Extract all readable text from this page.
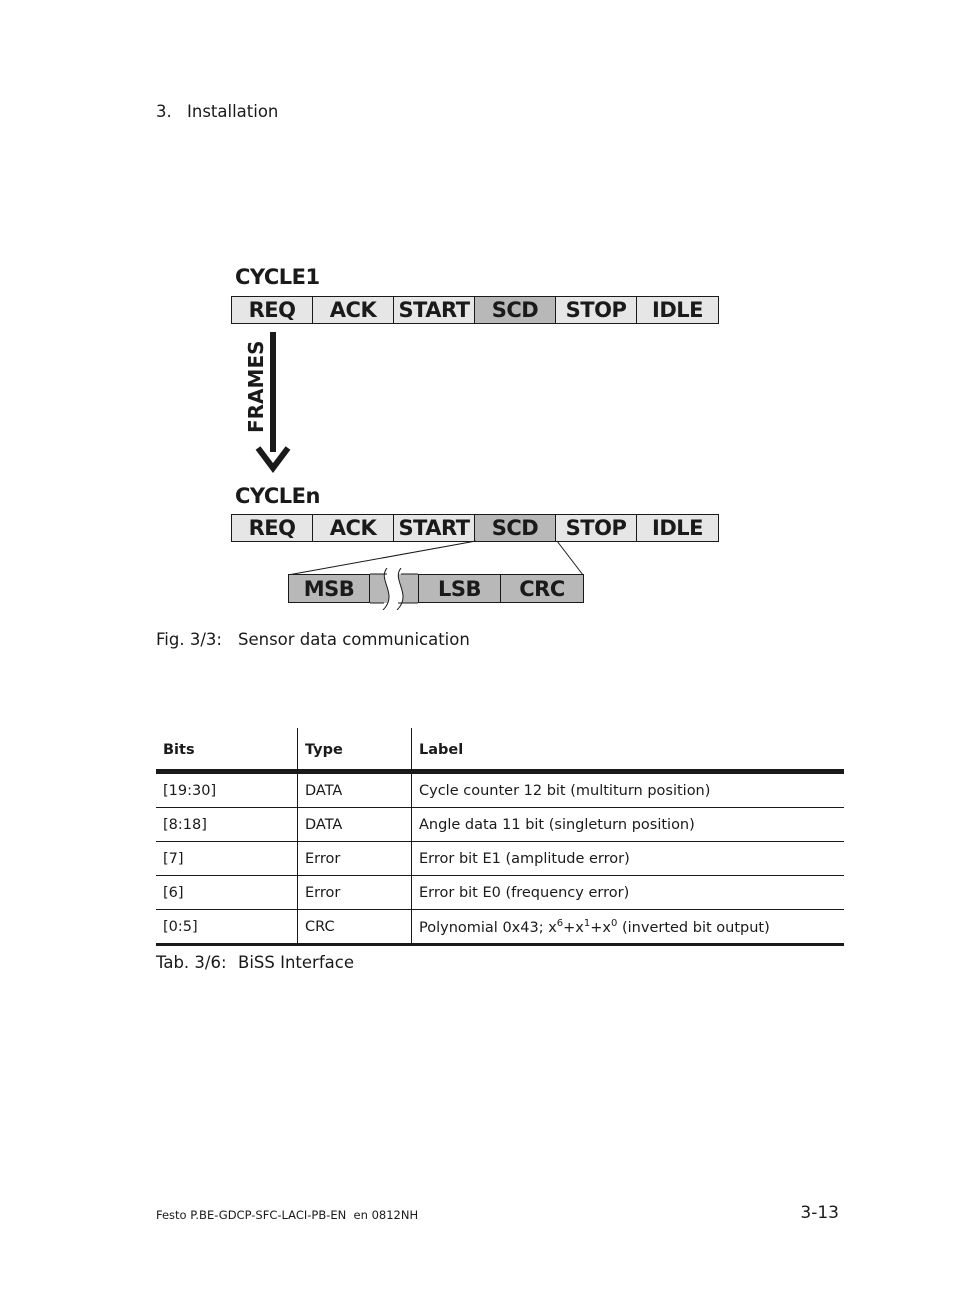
3. Installation
CYCLE1
REQ	ACK	START	SCD	STOP	IDLE
FRAMES
CYCLEn
REQ	ACK	START	SCD	STOP	IDLE
MSB	LSB	CRC
Fig. 3/3: Sensor data communication
Bits	Type	Label
[19:30]	DATA	Cycle counter 12 bit (multiturn position)
[8:18]	DATA	Angle data 11 bit (singleturn position)
[7]	Error	Error bit E1 (amplitude error)
[6]	Error	Error bit E0 (frequency error)
[0:5]	CRC	Polynomial 0x43; $x^6+x^1+x^0$ (inverted bit output)
Tab. 3/6: BiSS Interface
Festo P.BE-GDCP-SFC-LACI-PB-EN  en 0812NH	3-13
